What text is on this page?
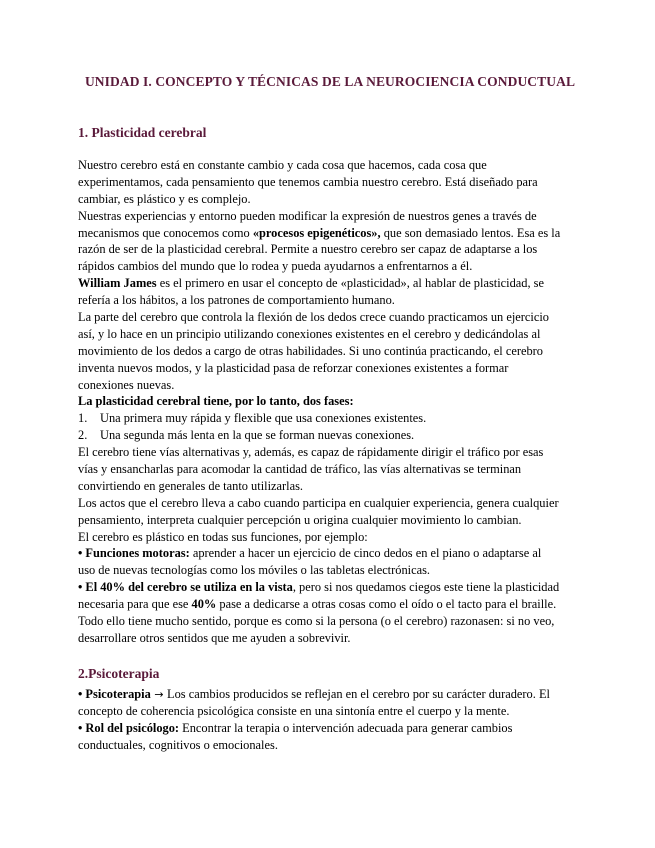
UNIDAD I. CONCEPTO Y TÉCNICAS DE LA NEUROCIENCIA CONDUCTUAL
1. Plasticidad cerebral
Nuestro cerebro está en constante cambio y cada cosa que hacemos, cada cosa que
experimentamos, cada pensamiento que tenemos cambia nuestro cerebro. Está diseñado para
cambiar, es plástico y es complejo.
Nuestras experiencias y entorno pueden modificar la expresión de nuestros genes a través de
mecanismos que conocemos como «procesos epigenéticos», que son demasiado lentos. Esa es la
razón de ser de la plasticidad cerebral. Permite a nuestro cerebro ser capaz de adaptarse a los
rápidos cambios del mundo que lo rodea y pueda ayudarnos a enfrentarnos a él.
William James es el primero en usar el concepto de «plasticidad», al hablar de plasticidad, se
refería a los hábitos, a los patrones de comportamiento humano.
La parte del cerebro que controla la flexión de los dedos crece cuando practicamos un ejercicio
así, y lo hace en un principio utilizando conexiones existentes en el cerebro y dedicándolas al
movimiento de los dedos a cargo de otras habilidades. Si uno continúa practicando, el cerebro
inventa nuevos modos, y la plasticidad pasa de reforzar conexiones existentes a formar
conexiones nuevas.
La plasticidad cerebral tiene, por lo tanto, dos fases:
1. Una primera muy rápida y flexible que usa conexiones existentes.
2. Una segunda más lenta en la que se forman nuevas conexiones.
El cerebro tiene vías alternativas y, además, es capaz de rápidamente dirigir el tráfico por esas
vías y ensancharlas para acomodar la cantidad de tráfico, las vías alternativas se terminan
convirtiendo en generales de tanto utilizarlas.
Los actos que el cerebro lleva a cabo cuando participa en cualquier experiencia, genera cualquier
pensamiento, interpreta cualquier percepción u origina cualquier movimiento lo cambian.
El cerebro es plástico en todas sus funciones, por ejemplo:
• Funciones motoras: aprender a hacer un ejercicio de cinco dedos en el piano o adaptarse al
uso de nuevas tecnologías como los móviles o las tabletas electrónicas.
• El 40% del cerebro se utiliza en la vista, pero si nos quedamos ciegos este tiene la plasticidad
necesaria para que ese 40% pase a dedicarse a otras cosas como el oído o el tacto para el braille.
Todo ello tiene mucho sentido, porque es como si la persona (o el cerebro) razonasen: si no veo,
desarrollare otros sentidos que me ayuden a sobrevivir.
2.Psicoterapia
• Psicoterapia → Los cambios producidos se reflejan en el cerebro por su carácter duradero. El
concepto de coherencia psicológica consiste en una sintonía entre el cuerpo y la mente.
• Rol del psicólogo: Encontrar la terapia o intervención adecuada para generar cambios
conductuales, cognitivos o emocionales.
